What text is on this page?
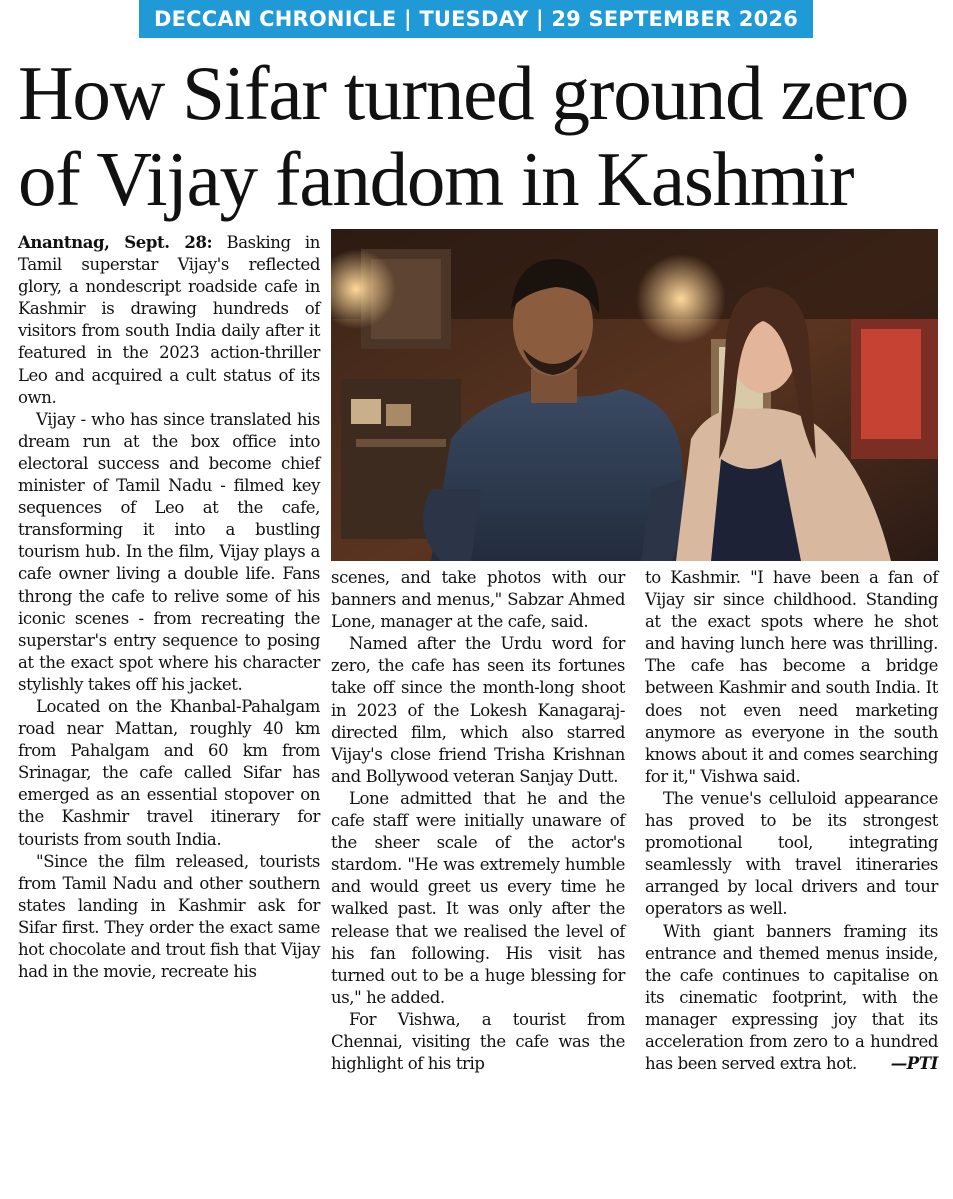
DECCAN CHRONICLE | TUESDAY | 29 SEPTEMBER 2026
How Sifar turned ground zero
of Vijay fandom in Kashmir

Anantnag, Sept. 28: Basking in Tamil superstar Vijay's reflected glory, a nondescript roadside cafe in Kashmir is drawing hundreds of visitors from south India daily after it featured in the 2023 action-thriller Leo and acquired a cult status of its own.

Vijay - who has since translated his dream run at the box office into electoral success and become chief minister of Tamil Nadu - filmed key sequences of Leo at the cafe, transforming it into a bustling tourism hub. In the film, Vijay plays a cafe owner living a double life. Fans throng the cafe to relive some of his iconic scenes - from recreating the superstar's entry sequence to posing at the exact spot where his character stylishly takes off his jacket.

Located on the Khanbal-Pahalgam road near Mattan, roughly 40 km from Pahalgam and 60 km from Srinagar, the cafe called Sifar has emerged as an essential stopover on the Kashmir travel itinerary for tourists from south India.

"Since the film released, tourists from Tamil Nadu and other southern states landing in Kashmir ask for Sifar first. They order the exact same hot chocolate and trout fish that Vijay had in the movie, recreate his

scenes, and take photos with our banners and menus," Sabzar Ahmed Lone, manager at the cafe, said.

Named after the Urdu word for zero, the cafe has seen its fortunes take off since the month-long shoot in 2023 of the Lokesh Kanagaraj-directed film, which also starred Vijay's close friend Trisha Krishnan and Bollywood veteran Sanjay Dutt.

Lone admitted that he and the cafe staff were initially unaware of the sheer scale of the actor's stardom. "He was extremely humble and would greet us every time he walked past. It was only after the release that we realised the level of his fan following. His visit has turned out to be a huge blessing for us," he added.

For Vishwa, a tourist from Chennai, visiting the cafe was the highlight of his trip

to Kashmir. "I have been a fan of Vijay sir since childhood. Standing at the exact spots where he shot and having lunch here was thrilling. The cafe has become a bridge between Kashmir and south India. It does not even need marketing anymore as everyone in the south knows about it and comes searching for it," Vishwa said.

The venue's celluloid appearance has proved to be its strongest promotional tool, integrating seamlessly with travel itineraries arranged by local drivers and tour operators as well.

With giant banners framing its entrance and themed menus inside, the cafe continues to capitalise on its cinematic footprint, with the manager expressing joy that its acceleration from zero to a hundred has been served extra hot.	—PTI
